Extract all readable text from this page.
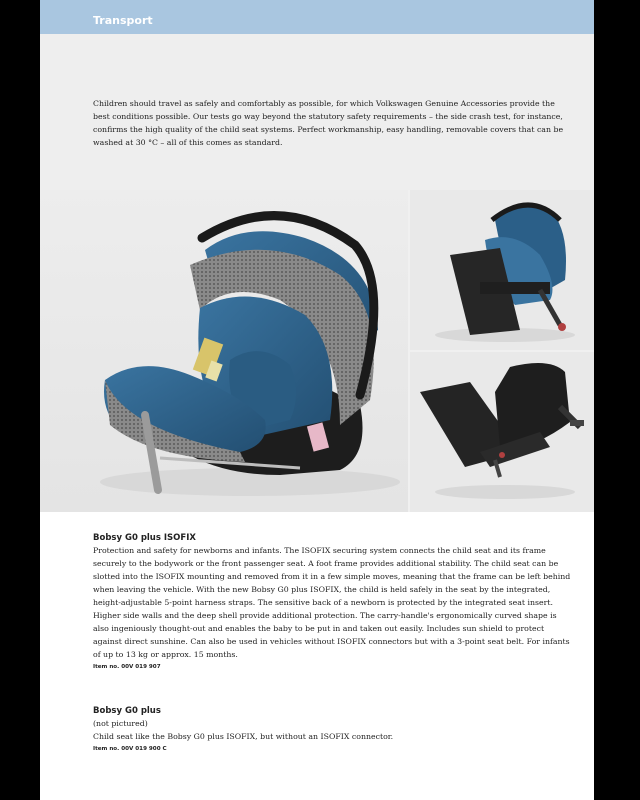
Transport
Children should travel as safely and comfortably as possible, for which Volkswagen Genuine Accessories provide the best conditions possible. Our tests go way beyond the statutory safety requirements – the side crash test, for instance, confirms the high quality of the child seat systems. Perfect workmanship, easy handling, removable covers that can be washed at 30 °C – all of this comes as standard.
Bobsy G0 plus ISOFIX
Protection and safety for newborns and infants. The ISOFIX securing system connects the child seat and its frame securely to the bodywork or the front passenger seat. A foot frame provides additional stability. The child seat can be slotted into the ISOFIX mounting and removed from it in a few simple moves, meaning that the frame can be left behind when leaving the vehicle. With the new Bobsy G0 plus ISOFIX, the child is held safely in the seat by the integrated, height-adjustable 5-point harness straps. The sensitive back of a newborn is protected by the integrated seat insert. Higher side walls and the deep shell provide additional protection. The carry-handle's ergonomically curved shape is also ingeniously thought-out and enables the baby to be put in and taken out easily. Includes sun shield to protect against direct sunshine. Can also be used in vehicles without ISOFIX connectors but with a 3-point seat belt. For infants of up to 13 kg or approx. 15 months.
Item no. 00V 019 907
Bobsy G0 plus
(not pictured)
Child seat like the Bobsy G0 plus ISOFIX, but without an ISOFIX connector.
Item no. 00V 019 900 C
